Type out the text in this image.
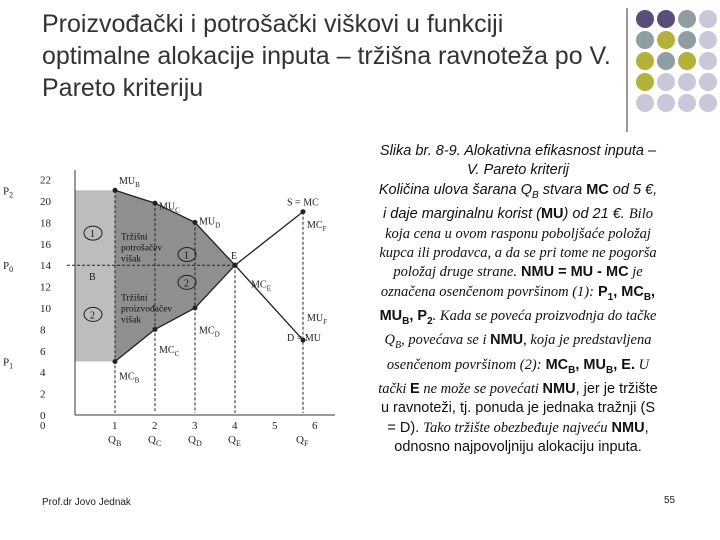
Proizvođački i potrošački viškovi u funkciji optimalne alokacije inputa – tržišna ravnoteža po V. Pareto kriteriju
22
20
18
16
14
12
10
8
6
4
2
0
1	2	3	4	5	6
0
$P_2$
$P_0$
$P_1$
$Q_B$ $Q_C$ $Q_D$ $Q_E$	$Q_F$
$MU_B$
$MU_C$
$MU_D$	$MC_F$
S = MC
E
$MC_E$
$MU_F$
D = MU
$MC_D$
$MC_C$
$MC_B$
B
Tržišni
potrošačev
višak
Tržišni
proizvođačev
višak
1
1
2
2
Slika br. 8-9. Alokativna efikasnost inputa – V. Pareto kriterij
Količina ulova šarana $Q_B$ stvara MC od 5 €, i daje marginalnu korist (MU) od 21 €. Bilo koja cena u ovom rasponu poboljšaće položaj kupca ili prodavca, a da se pri tome ne pogorša položaj druge strane. NMU = MU - MC je označena osenčenom površinom (1): $P_1$, $MC_B$, $MU_B$, $P_2$. Kada se poveća proizvodnja do tačke $Q_B$, povećava se i NMU, koja je predstavljena osenčenom površinom (2): $MC_B$, $MU_B$, E. U tački E ne može se povećati NMU, jer je tržište u ravnoteži, tj. ponuda je jednaka tražnji (S = D). Tako tržište obezbeđuje najveću NMU, odnosno najpovoljniju alokaciju inputa.
Prof.dr Jovo Jednak	55
